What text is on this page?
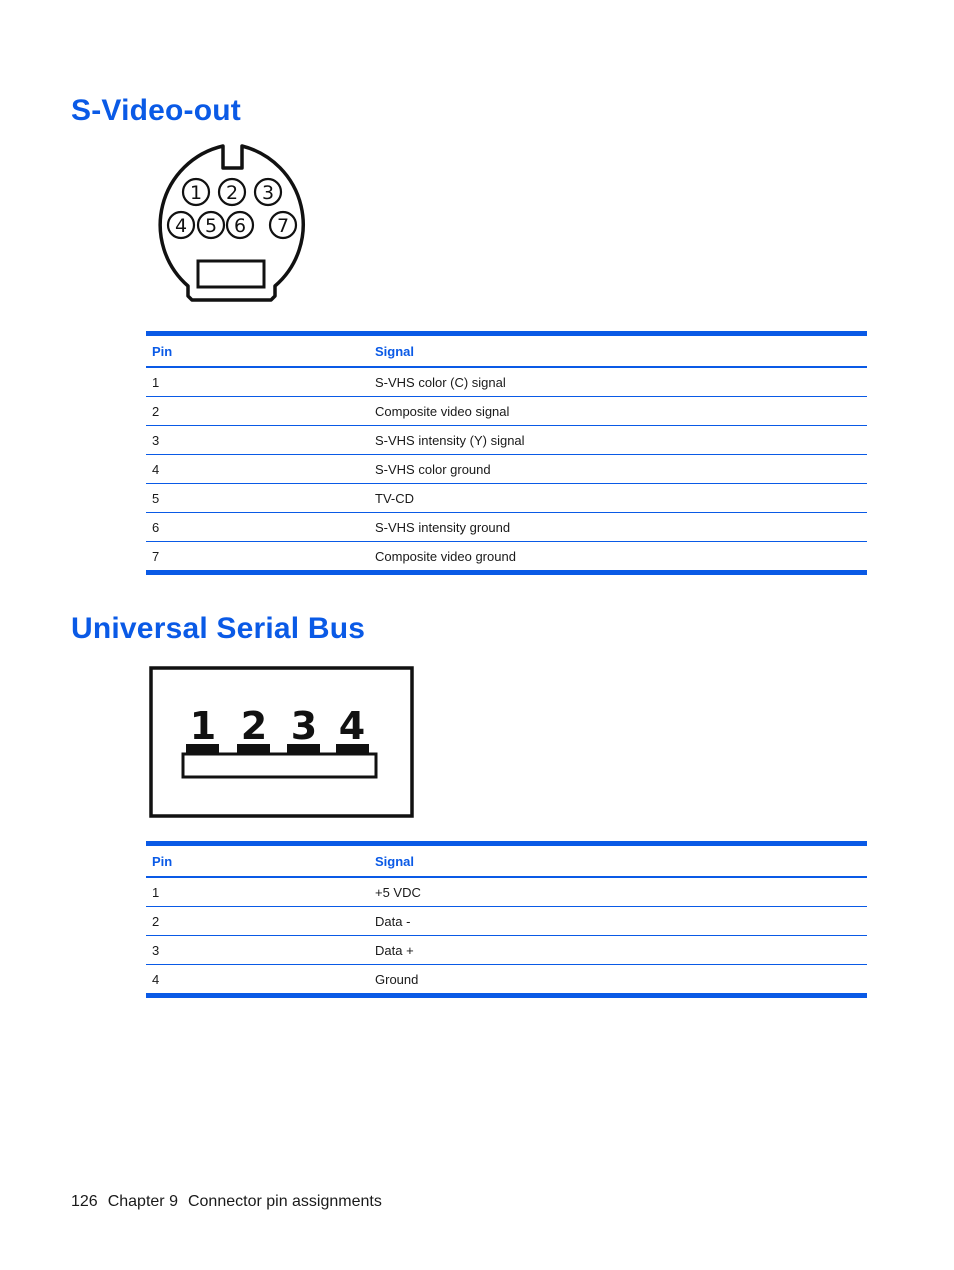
S-Video-out
1 2 3
4 5 6 7
Pin	Signal
1	S-VHS color (C) signal
2	Composite video signal
3	S-VHS intensity (Y) signal
4	S-VHS color ground
5	TV-CD
6	S-VHS intensity ground
7	Composite video ground
Universal Serial Bus
1 2 3 4
Pin	Signal
1	+5 VDC
2	Data -
3	Data +
4	Ground
126 Chapter 9 Connector pin assignments
